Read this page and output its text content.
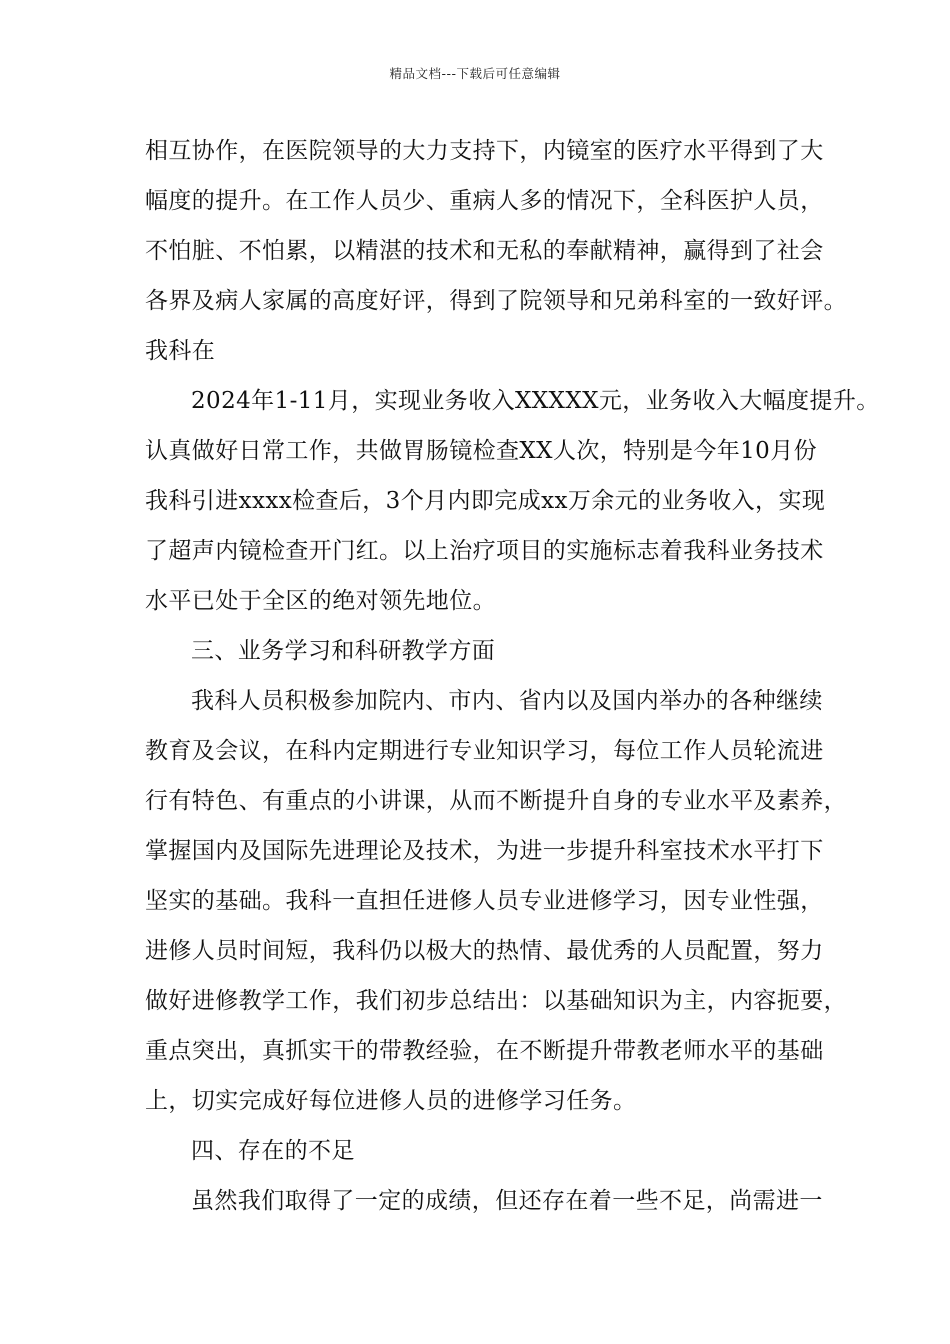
精品文档---下载后可任意编辑
相互协作，在医院领导的大力支持下，内镜室的医疗水平得到了大
幅度的提升。在工作人员少、重病人多的情况下，全科医护人员，
不怕脏、不怕累，以精湛的技术和无私的奉献精神，赢得到了社会
各界及病人家属的高度好评，得到了院领导和兄弟科室的一致好评。
我科在
2024年1-11月，实现业务收入XXXXX元，业务收入大幅度提升。
认真做好日常工作，共做胃肠镜检查XX人次，特别是今年10月份
我科引进xxxx检查后，3个月内即完成xx万余元的业务收入，实现
了超声内镜检查开门红。以上治疗项目的实施标志着我科业务技术
水平已处于全区的绝对领先地位。
三、业务学习和科研教学方面
我科人员积极参加院内、市内、省内以及国内举办的各种继续
教育及会议，在科内定期进行专业知识学习，每位工作人员轮流进
行有特色、有重点的小讲课，从而不断提升自身的专业水平及素养，
掌握国内及国际先进理论及技术，为进一步提升科室技术水平打下
坚实的基础。我科一直担任进修人员专业进修学习，因专业性强，
进修人员时间短，我科仍以极大的热情、最优秀的人员配置，努力
做好进修教学工作，我们初步总结出：以基础知识为主，内容扼要，
重点突出，真抓实干的带教经验，在不断提升带教老师水平的基础
上，切实完成好每位进修人员的进修学习任务。
四、存在的不足
虽然我们取得了一定的成绩，但还存在着一些不足，尚需进一
